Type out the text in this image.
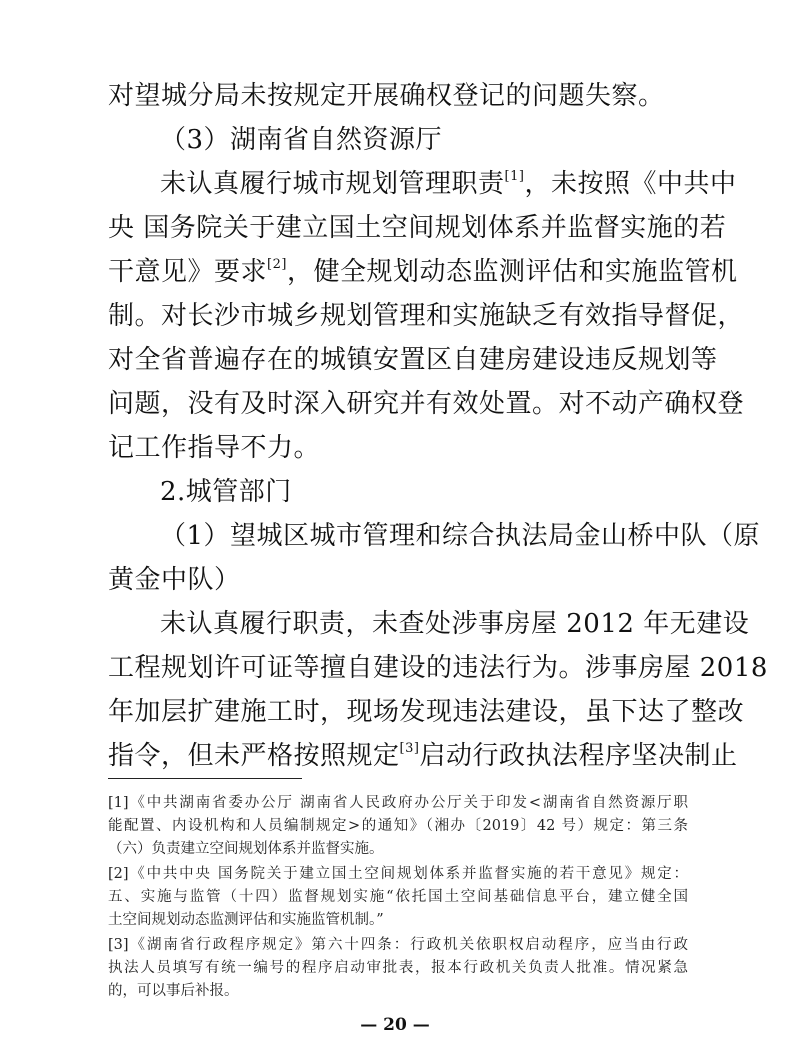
对望城分局未按规定开展确权登记的问题失察。
（3）湖南省自然资源厅
未认真履行城市规划管理职责[1]，未按照《中共中
央 国务院关于建立国土空间规划体系并监督实施的若
干意见》要求[2]，健全规划动态监测评估和实施监管机
制。对长沙市城乡规划管理和实施缺乏有效指导督促，
对全省普遍存在的城镇安置区自建房建设违反规划等
问题，没有及时深入研究并有效处置。对不动产确权登
记工作指导不力。
2.城管部门
（1）望城区城市管理和综合执法局金山桥中队（原
黄金中队）
未认真履行职责，未查处涉事房屋 2012 年无建设
工程规划许可证等擅自建设的违法行为。涉事房屋 2018
年加层扩建施工时，现场发现违法建设，虽下达了整改
指令，但未严格按照规定[3]启动行政执法程序坚决制止
[1]《中共湖南省委办公厅 湖南省人民政府办公厅关于印发<湖南省自然资源厅职
能配置、内设机构和人员编制规定>的通知》（湘办〔2019〕42 号）规定：第三条
（六）负责建立空间规划体系并监督实施。
[2]《中共中央 国务院关于建立国土空间规划体系并监督实施的若干意见》规定：
五、实施与监管（十四）监督规划实施“依托国土空间基础信息平台，建立健全国
土空间规划动态监测评估和实施监管机制。”
[3]《湖南省行政程序规定》第六十四条：行政机关依职权启动程序，应当由行政
执法人员填写有统一编号的程序启动审批表，报本行政机关负责人批准。情况紧急
的，可以事后补报。
— 20 —
